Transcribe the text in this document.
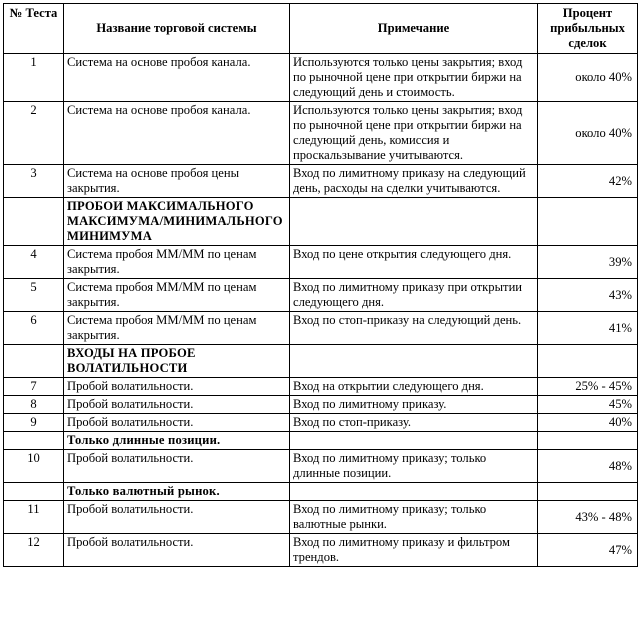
№ Теста	Название торговой системы	Примечание	Процент прибыльных сделок
1	Система на основе пробоя канала.	Используются только цены закрытия; вход по рыночной цене при открытии биржи на следующий день и стоимость.	около 40%
2	Система на основе пробоя канала.	Используются только цены закрытия; вход по рыночной цене при открытии биржи на следующий день, комиссия и проскальзывание учитываются.	около 40%
3	Система на основе пробоя цены закрытия.	Вход по лимитному приказу на следующий день, расходы на сделки учитываются.	42%
	ПРОБОИ МАКСИМАЛЬНОГО МАКСИМУМА/МИНИМАЛЬНОГО МИНИМУМА		
4	Система пробоя ММ/ММ по ценам закрытия.	Вход по цене открытия следующего дня.	39%
5	Система пробоя ММ/ММ по ценам закрытия.	Вход по лимитному приказу при открытии следующего дня.	43%
6	Система пробоя ММ/ММ по ценам закрытия.	Вход по стоп-приказу на следующий день.	41%
	ВХОДЫ НА ПРОБОЕ ВОЛАТИЛЬНОСТИ		
7	Пробой волатильности.	Вход на открытии следующего дня.	25% - 45%
8	Пробой волатильности.	Вход по лимитному приказу.	45%
9	Пробой волатильности.	Вход по стоп-приказу.	40%
	Только длинные позиции.		
10	Пробой волатильности.	Вход по лимитному приказу; только длинные позиции.	48%
	Только валютный рынок.		
11	Пробой волатильности.	Вход по лимитному приказу; только валютные рынки.	43% - 48%
12	Пробой волатильности.	Вход по лимитному приказу и фильтром трендов.	47%
